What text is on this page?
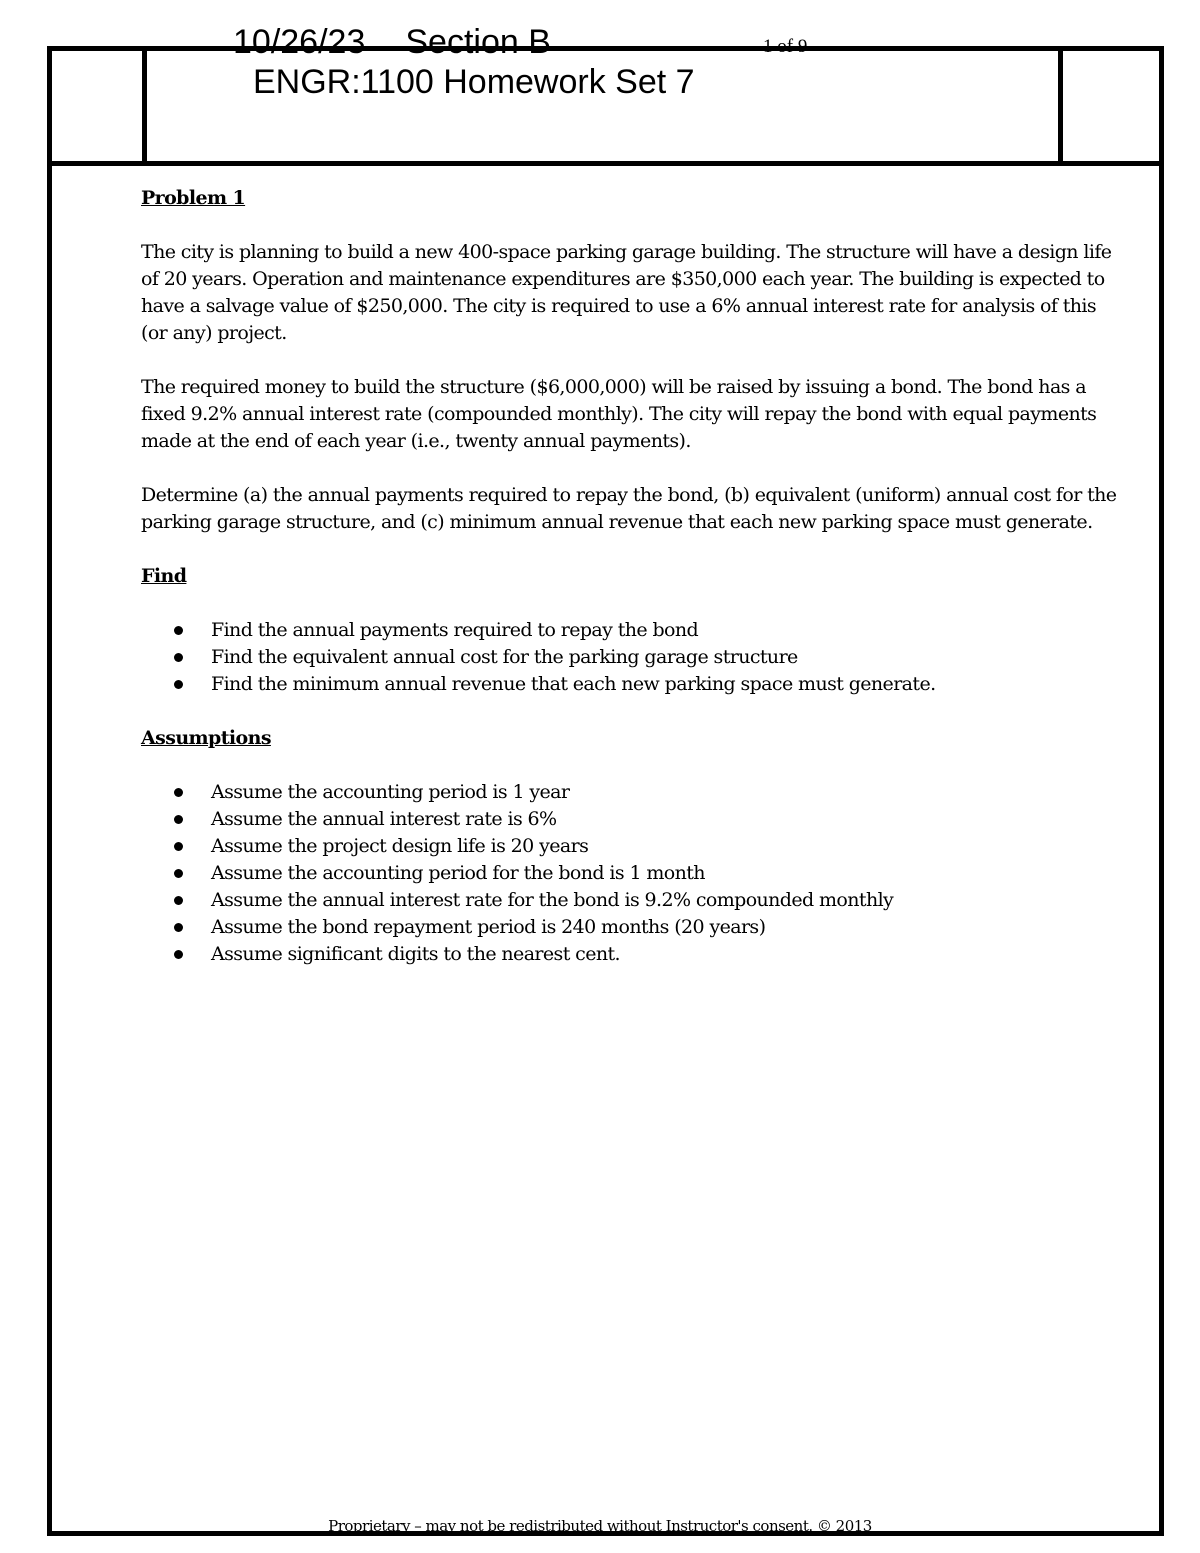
10/26/23 Section B	1 of 9
ENGR:1100 Homework Set 7
Problem 1

The city is planning to build a new 400-space parking garage building. The structure will have a design life of 20 years. Operation and maintenance expenditures are $350,000 each year. The building is expected to have a salvage value of $250,000. The city is required to use a 6% annual interest rate for analysis of this (or any) project.

The required money to build the structure ($6,000,000) will be raised by issuing a bond. The bond has a fixed 9.2% annual interest rate (compounded monthly). The city will repay the bond with equal payments made at the end of each year (i.e., twenty annual payments).

Determine (a) the annual payments required to repay the bond, (b) equivalent (uniform) annual cost for the parking garage structure, and (c) minimum annual revenue that each new parking space must generate.

Find
Find the annual payments required to repay the bond
Find the equivalent annual cost for the parking garage structure
Find the minimum annual revenue that each new parking space must generate.
Assumptions
Assume the accounting period is 1 year
Assume the annual interest rate is 6%
Assume the project design life is 20 years
Assume the accounting period for the bond is 1 month
Assume the annual interest rate for the bond is 9.2% compounded monthly
Assume the bond repayment period is 240 months (20 years)
Assume significant digits to the nearest cent.
Proprietary – may not be redistributed without Instructor's consent. © 2013
